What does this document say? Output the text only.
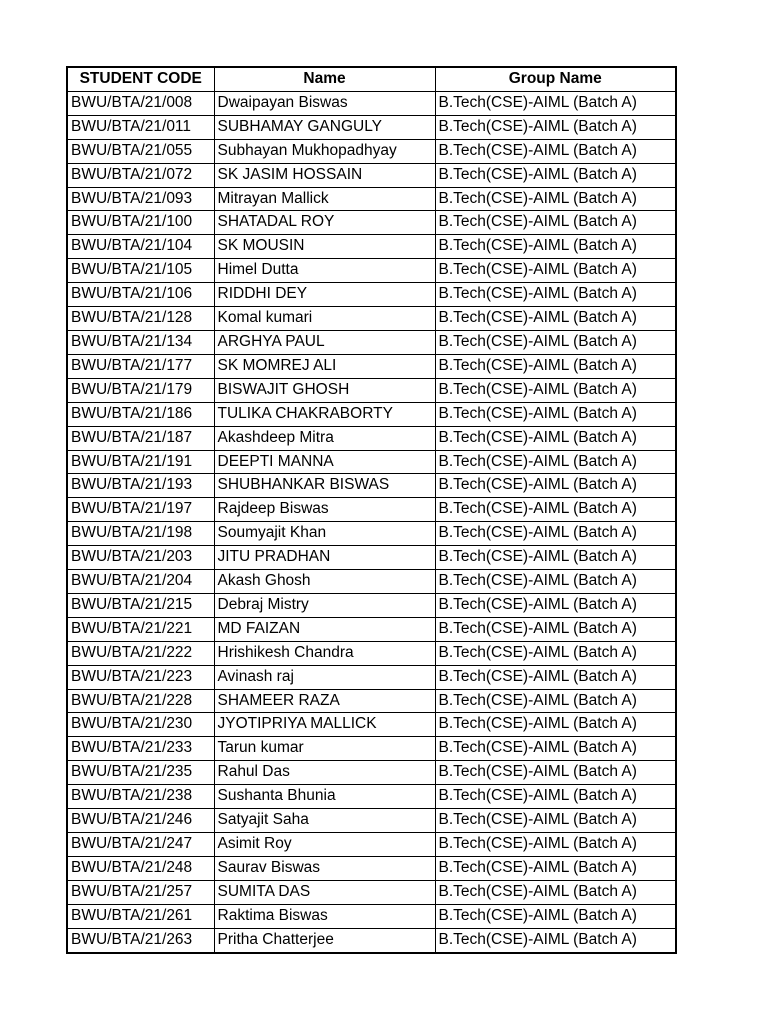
STUDENT CODE	Name	Group Name
BWU/BTA/21/008	Dwaipayan Biswas	B.Tech(CSE)-AIML (Batch A)
BWU/BTA/21/011	SUBHAMAY GANGULY	B.Tech(CSE)-AIML (Batch A)
BWU/BTA/21/055	Subhayan Mukhopadhyay	B.Tech(CSE)-AIML (Batch A)
BWU/BTA/21/072	SK JASIM HOSSAIN	B.Tech(CSE)-AIML (Batch A)
BWU/BTA/21/093	Mitrayan Mallick	B.Tech(CSE)-AIML (Batch A)
BWU/BTA/21/100	SHATADAL ROY	B.Tech(CSE)-AIML (Batch A)
BWU/BTA/21/104	SK MOUSIN	B.Tech(CSE)-AIML (Batch A)
BWU/BTA/21/105	Himel Dutta	B.Tech(CSE)-AIML (Batch A)
BWU/BTA/21/106	RIDDHI DEY	B.Tech(CSE)-AIML (Batch A)
BWU/BTA/21/128	Komal kumari	B.Tech(CSE)-AIML (Batch A)
BWU/BTA/21/134	ARGHYA PAUL	B.Tech(CSE)-AIML (Batch A)
BWU/BTA/21/177	SK MOMREJ ALI	B.Tech(CSE)-AIML (Batch A)
BWU/BTA/21/179	BISWAJIT GHOSH	B.Tech(CSE)-AIML (Batch A)
BWU/BTA/21/186	TULIKA CHAKRABORTY	B.Tech(CSE)-AIML (Batch A)
BWU/BTA/21/187	Akashdeep Mitra	B.Tech(CSE)-AIML (Batch A)
BWU/BTA/21/191	DEEPTI MANNA	B.Tech(CSE)-AIML (Batch A)
BWU/BTA/21/193	SHUBHANKAR BISWAS	B.Tech(CSE)-AIML (Batch A)
BWU/BTA/21/197	Rajdeep Biswas	B.Tech(CSE)-AIML (Batch A)
BWU/BTA/21/198	Soumyajit Khan	B.Tech(CSE)-AIML (Batch A)
BWU/BTA/21/203	JITU PRADHAN	B.Tech(CSE)-AIML (Batch A)
BWU/BTA/21/204	Akash Ghosh	B.Tech(CSE)-AIML (Batch A)
BWU/BTA/21/215	Debraj Mistry	B.Tech(CSE)-AIML (Batch A)
BWU/BTA/21/221	MD FAIZAN	B.Tech(CSE)-AIML (Batch A)
BWU/BTA/21/222	Hrishikesh Chandra	B.Tech(CSE)-AIML (Batch A)
BWU/BTA/21/223	Avinash raj	B.Tech(CSE)-AIML (Batch A)
BWU/BTA/21/228	SHAMEER RAZA	B.Tech(CSE)-AIML (Batch A)
BWU/BTA/21/230	JYOTIPRIYA MALLICK	B.Tech(CSE)-AIML (Batch A)
BWU/BTA/21/233	Tarun kumar	B.Tech(CSE)-AIML (Batch A)
BWU/BTA/21/235	Rahul Das	B.Tech(CSE)-AIML (Batch A)
BWU/BTA/21/238	Sushanta Bhunia	B.Tech(CSE)-AIML (Batch A)
BWU/BTA/21/246	Satyajit Saha	B.Tech(CSE)-AIML (Batch A)
BWU/BTA/21/247	Asimit Roy	B.Tech(CSE)-AIML (Batch A)
BWU/BTA/21/248	Saurav Biswas	B.Tech(CSE)-AIML (Batch A)
BWU/BTA/21/257	SUMITA DAS	B.Tech(CSE)-AIML (Batch A)
BWU/BTA/21/261	Raktima Biswas	B.Tech(CSE)-AIML (Batch A)
BWU/BTA/21/263	Pritha Chatterjee	B.Tech(CSE)-AIML (Batch A)
